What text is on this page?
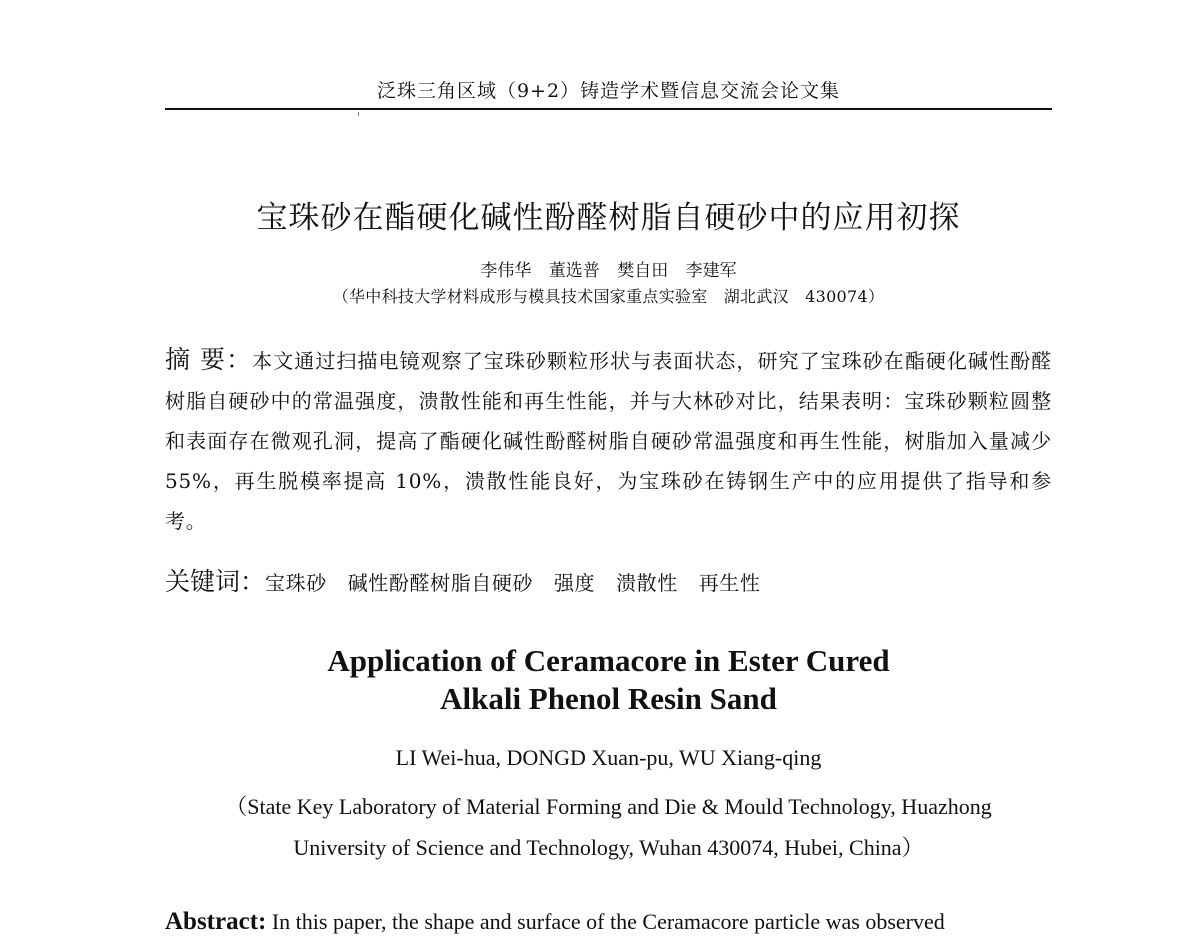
泛珠三角区域（9+2）铸造学术暨信息交流会论文集
宝珠砂在酯硬化碱性酚醛树脂自硬砂中的应用初探
李伟华 董选普 樊自田 李建军
（华中科技大学材料成形与模具技术国家重点实验室   湖北武汉   430074）
摘 要：本文通过扫描电镜观察了宝珠砂颗粒形状与表面状态，研究了宝珠砂在酯硬化碱性酚醛树脂自硬砂中的常温强度，溃散性能和再生性能，并与大林砂对比，结果表明：宝珠砂颗粒圆整和表面存在微观孔洞，提高了酯硬化碱性酚醛树脂自硬砂常温强度和再生性能，树脂加入量减少 55%，再生脱模率提高 10%，溃散性能良好，为宝珠砂在铸钢生产中的应用提供了指导和参考。
关键词：宝珠砂   碱性酚醛树脂自硬砂   强度   溃散性   再生性
Application of Ceramacore in Ester Cured
Alkali Phenol Resin Sand
LI Wei-hua, DONGD Xuan-pu, WU Xiang-qing
（State Key Laboratory of Material Forming and Die & Mould Technology, Huazhong
University of Science and Technology, Wuhan 430074, Hubei, China）
Abstract: In this paper, the shape and surface of the Ceramacore particle was observed
